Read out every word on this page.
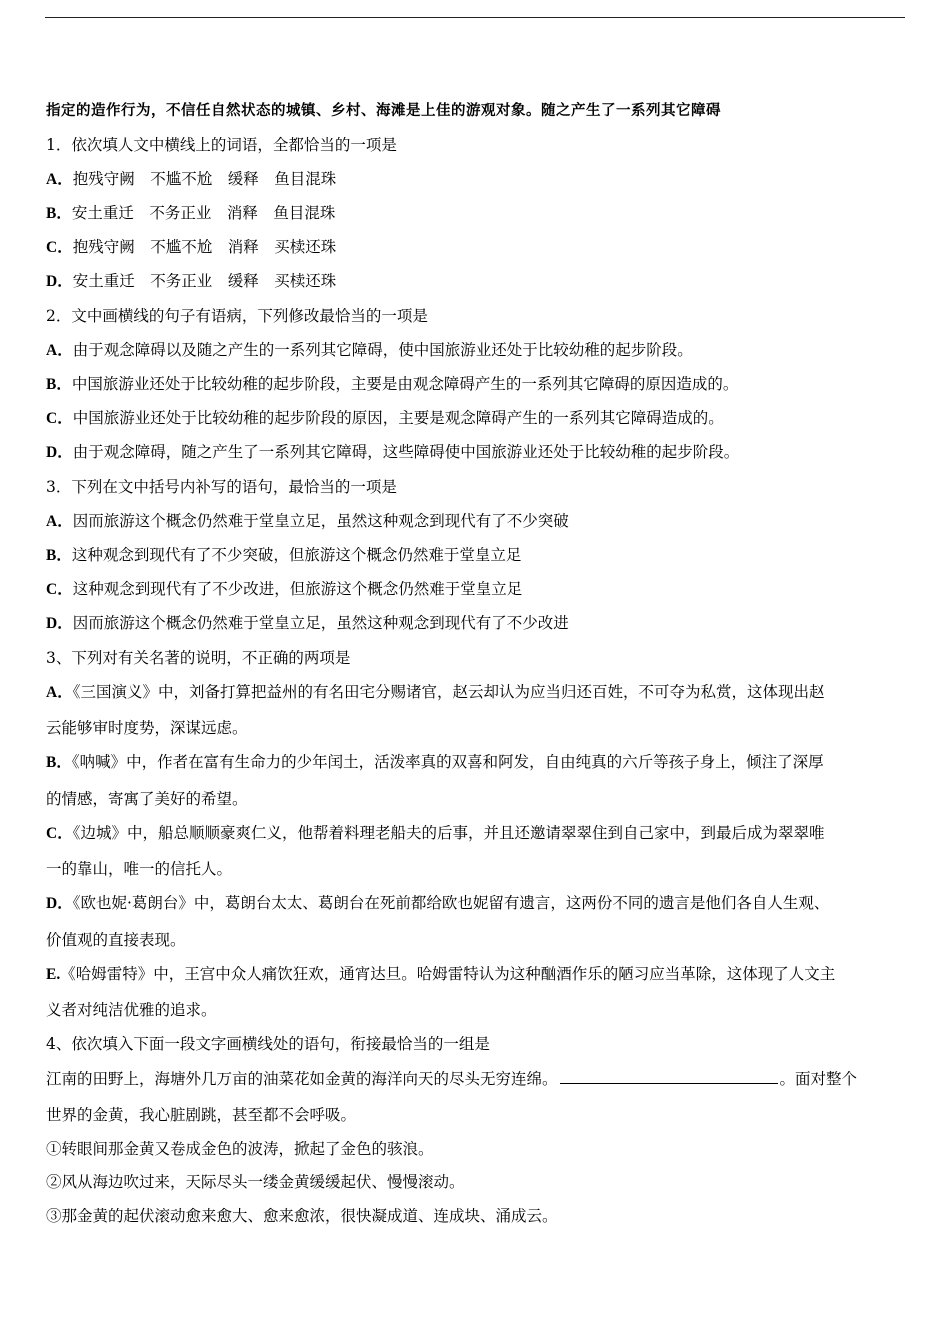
指定的造作行为，不信任自然状态的城镇、乡村、海滩是上佳的游观对象。随之产生了一系列其它障碍
1．依次填人文中横线上的词语，全都恰当的一项是
A．抱残守阙　不尴不尬　缓释　鱼目混珠
B．安土重迁　不务正业　消释　鱼目混珠
C．抱残守阙　不尴不尬　消释　买椟还珠
D．安土重迁　不务正业　缓释　买椟还珠
2．文中画横线的句子有语病，下列修改最恰当的一项是
A．由于观念障碍以及随之产生的一系列其它障碍，使中国旅游业还处于比较幼稚的起步阶段。
B．中国旅游业还处于比较幼稚的起步阶段，主要是由观念障碍产生的一系列其它障碍的原因造成的。
C．中国旅游业还处于比较幼稚的起步阶段的原因，主要是观念障碍产生的一系列其它障碍造成的。
D．由于观念障碍，随之产生了一系列其它障碍，这些障碍使中国旅游业还处于比较幼稚的起步阶段。
3．下列在文中括号内补写的语句，最恰当的一项是
A．因而旅游这个概念仍然难于堂皇立足，虽然这种观念到现代有了不少突破
B．这种观念到现代有了不少突破，但旅游这个概念仍然难于堂皇立足
C．这种观念到现代有了不少改进，但旅游这个概念仍然难于堂皇立足
D．因而旅游这个概念仍然难于堂皇立足，虽然这种观念到现代有了不少改进
3、下列对有关名著的说明，不正确的两项是
A．《三国演义》中，刘备打算把益州的有名田宅分赐诸官，赵云却认为应当归还百姓，不可夺为私赏，这体现出赵
云能够审时度势，深谋远虑。
B．《呐喊》中，作者在富有生命力的少年闰土，活泼率真的双喜和阿发，自由纯真的六斤等孩子身上，倾注了深厚
的情感，寄寓了美好的希望。
C．《边城》中，船总顺顺豪爽仁义，他帮着料理老船夫的后事，并且还邀请翠翠住到自己家中，到最后成为翠翠唯
一的靠山，唯一的信托人。
D．《欧也妮·葛朗台》中，葛朗台太太、葛朗台在死前都给欧也妮留有遗言，这两份不同的遗言是他们各自人生观、
价值观的直接表现。
E.《哈姆雷特》中，王宫中众人痛饮狂欢，通宵达旦。哈姆雷特认为这种酗酒作乐的陋习应当革除，这体现了人文主
义者对纯洁优雅的追求。
4、依次填入下面一段文字画横线处的语句，衔接最恰当的一组是
江南的田野上，海塘外几万亩的油菜花如金黄的海洋向天的尽头无穷连绵。	。面对整个
世界的金黄，我心脏剧跳，甚至都不会呼吸。
①转眼间那金黄又卷成金色的波涛，掀起了金色的骇浪。
②风从海边吹过来，天际尽头一缕金黄缓缓起伏、慢慢滚动。
③那金黄的起伏滚动愈来愈大、愈来愈浓，很快凝成道、连成块、涌成云。
